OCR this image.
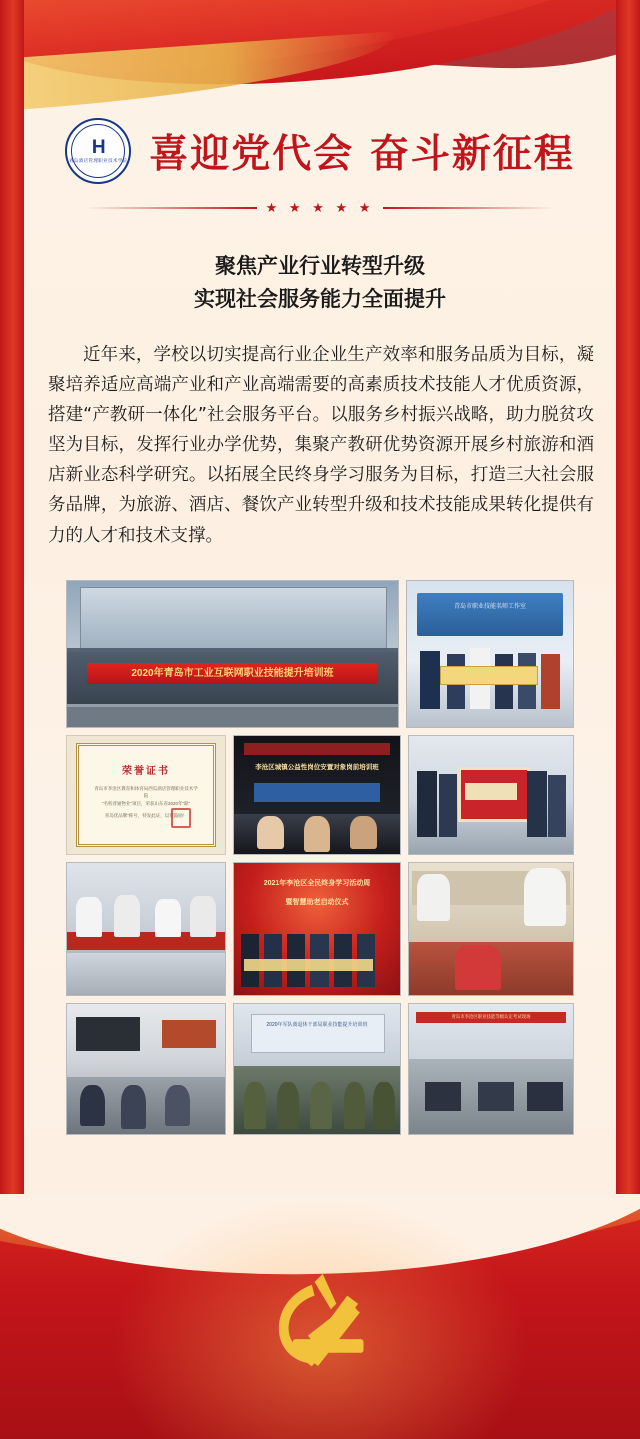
H
青岛酒店管理职业技术学院 喜迎党代会 奋斗新征程
★ ★ ★ ★ ★
聚焦产业行业转型升级
实现社会服务能力全面提升
近年来，学校以切实提高行业企业生产效率和服务品质为目标，凝聚培养适应高端产业和产业高端需要的高素质技术技能人才优质资源，搭建“产教研一体化”社会服务平台。以服务乡村振兴战略，助力脱贫攻坚为目标，发挥行业办学优势，集聚产教研优势资源开展乡村旅游和酒店新业态科学研究。以拓展全民终身学习服务为目标，打造三大社会服务品牌，为旅游、酒店、餐饮产业转型升级和技术技能成果转化提供有力的人才和技术支撑。
2020年青岛市工业互联网职业技能提升培训班
青岛市职业技能名师工作室
荣誉证书
青岛市李沧区教育和体育局西瓜酒店管理职业技术学院
“名校普通物业”项目，荣获山东省2020年“职”
青岛优品牌”称号，特发此证，以资鼓励！
李沧区城镇公益性岗位安置对象岗前培训班
2021年李沧区全民终身学习活动周
暨智慧助老启动仪式
2020年军队离退休干部局职业技能提升培训班
青岛市李沧区职业技能等级认定考试现场
